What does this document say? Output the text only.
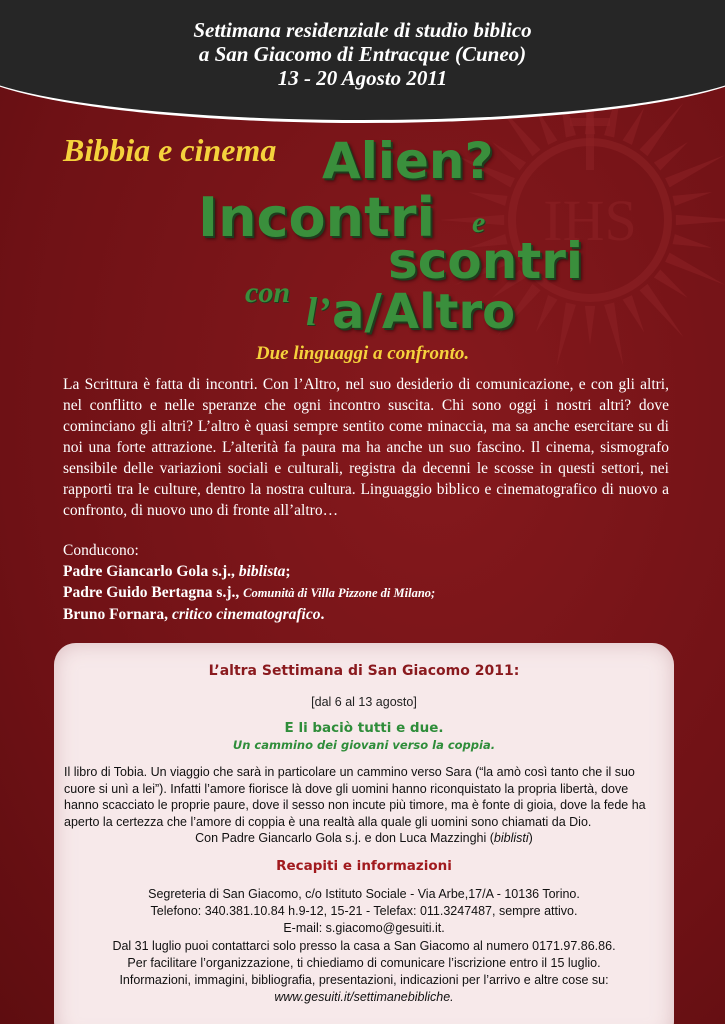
IHS
Settimana residenziale di studio biblico
a San Giacomo di Entracque (Cuneo)
13 - 20 Agosto 2011
Bibbia e cinema Alien?
Incontri e
scontri
con l’ a/Altro
Due linguaggi a confronto.
La Scrittura è fatta di incontri. Con l’Altro, nel suo desiderio di comunicazione, e con gli altri, nel conflitto e nelle speranze che ogni incontro suscita. Chi sono oggi i nostri altri? dove cominciano gli altri? L’altro è quasi sempre sentito come minaccia, ma sa anche esercitare su di noi una forte attrazione. L’alterità fa paura ma ha anche un suo fascino. Il cinema, sismografo sensibile delle variazioni sociali e culturali, registra da decenni le scosse in questi settori, nei rapporti tra le culture, dentro la nostra cultura. Linguaggio biblico e cinematografico di nuovo a confronto, di nuovo uno di fronte all’altro…
Conducono:
Padre Giancarlo Gola s.j., biblista;
Padre Guido Bertagna s.j., Comunità di Villa Pizzone di Milano;
Bruno Fornara, critico cinematografico.
L’altra Settimana di San Giacomo 2011:
[dal 6 al 13 agosto]
E li baciò tutti e due.
Un cammino dei giovani verso la coppia.
Il libro di Tobia. Un viaggio che sarà in particolare un cammino verso Sara (“la amò così tanto che il suo cuore si unì a lei”). Infatti l’amore fiorisce là dove gli uomini hanno riconquistato la propria libertà, dove hanno scacciato le proprie paure, dove il sesso non incute più timore, ma è fonte di gioia, dove la fede ha aperto la certezza che l’amore di coppia è una realtà alla quale gli uomini sono chiamati da Dio.
Con Padre Giancarlo Gola s.j. e don Luca Mazzinghi (biblisti)
Recapiti e informazioni
Segreteria di San Giacomo, c/o Istituto Sociale - Via Arbe,17/A - 10136 Torino.
Telefono: 340.381.10.84 h.9-12, 15-21 - Telefax: 011.3247487, sempre attivo.
E-mail: s.giacomo@gesuiti.it.
Dal 31 luglio puoi contattarci solo presso la casa a San Giacomo al numero 0171.97.86.86.
Per facilitare l’organizzazione, ti chiediamo di comunicare l’iscrizione entro il 15 luglio.
Informazioni, immagini, bibliografia, presentazioni, indicazioni per l’arrivo e altre cose su:
www.gesuiti.it/settimanebibliche.
